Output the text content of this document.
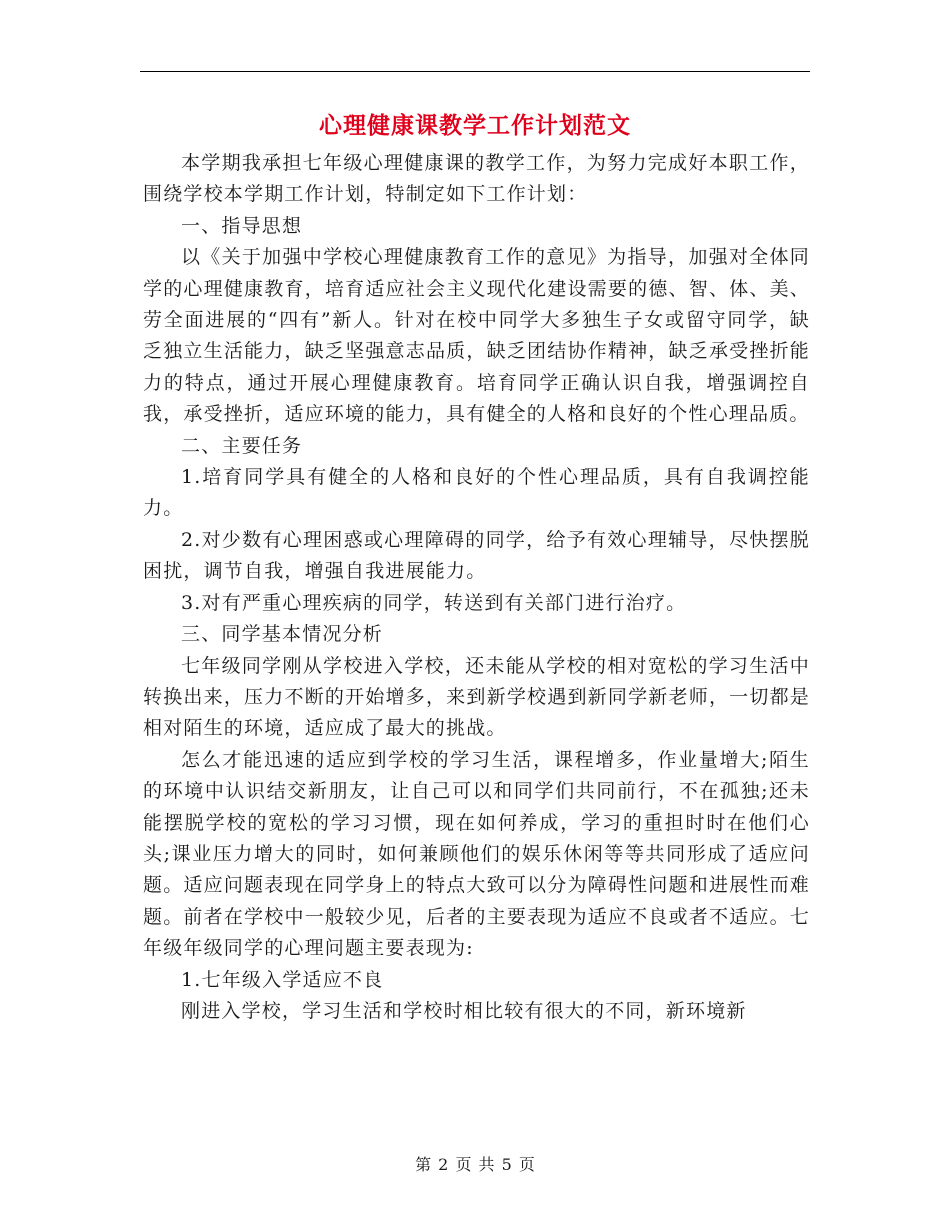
心理健康课教学工作计划范文

本学期我承担七年级心理健康课的教学工作，为努力完成好本职工作，围绕学校本学期工作计划，特制定如下工作计划：

一、指导思想

以《关于加强中学校心理健康教育工作的意见》为指导，加强对全体同学的心理健康教育，培育适应社会主义现代化建设需要的德、智、体、美、劳全面进展的“四有”新人。针对在校中同学大多独生子女或留守同学，缺乏独立生活能力，缺乏坚强意志品质，缺乏团结协作精神，缺乏承受挫折能力的特点，通过开展心理健康教育。培育同学正确认识自我，增强调控自我，承受挫折，适应环境的能力，具有健全的人格和良好的个性心理品质。

二、主要任务

1.培育同学具有健全的人格和良好的个性心理品质，具有自我调控能力。

2.对少数有心理困惑或心理障碍的同学，给予有效心理辅导，尽快摆脱困扰，调节自我，增强自我进展能力。

3.对有严重心理疾病的同学，转送到有关部门进行治疗。

三、同学基本情况分析

七年级同学刚从学校进入学校，还未能从学校的相对宽松的学习生活中转换出来，压力不断的开始增多，来到新学校遇到新同学新老师，一切都是相对陌生的环境，适应成了最大的挑战。

怎么才能迅速的适应到学校的学习生活，课程增多，作业量增大;陌生的环境中认识结交新朋友，让自己可以和同学们共同前行，不在孤独;还未能摆脱学校的宽松的学习习惯，现在如何养成，学习的重担时时在他们心头;课业压力增大的同时，如何兼顾他们的娱乐休闲等等共同形成了适应问题。适应问题表现在同学身上的特点大致可以分为障碍性问题和进展性而难题。前者在学校中一般较少见，后者的主要表现为适应不良或者不适应。七年级年级同学的心理问题主要表现为:

1.七年级入学适应不良

刚进入学校，学习生活和学校时相比较有很大的不同，新环境新

第 2 页 共 5 页
